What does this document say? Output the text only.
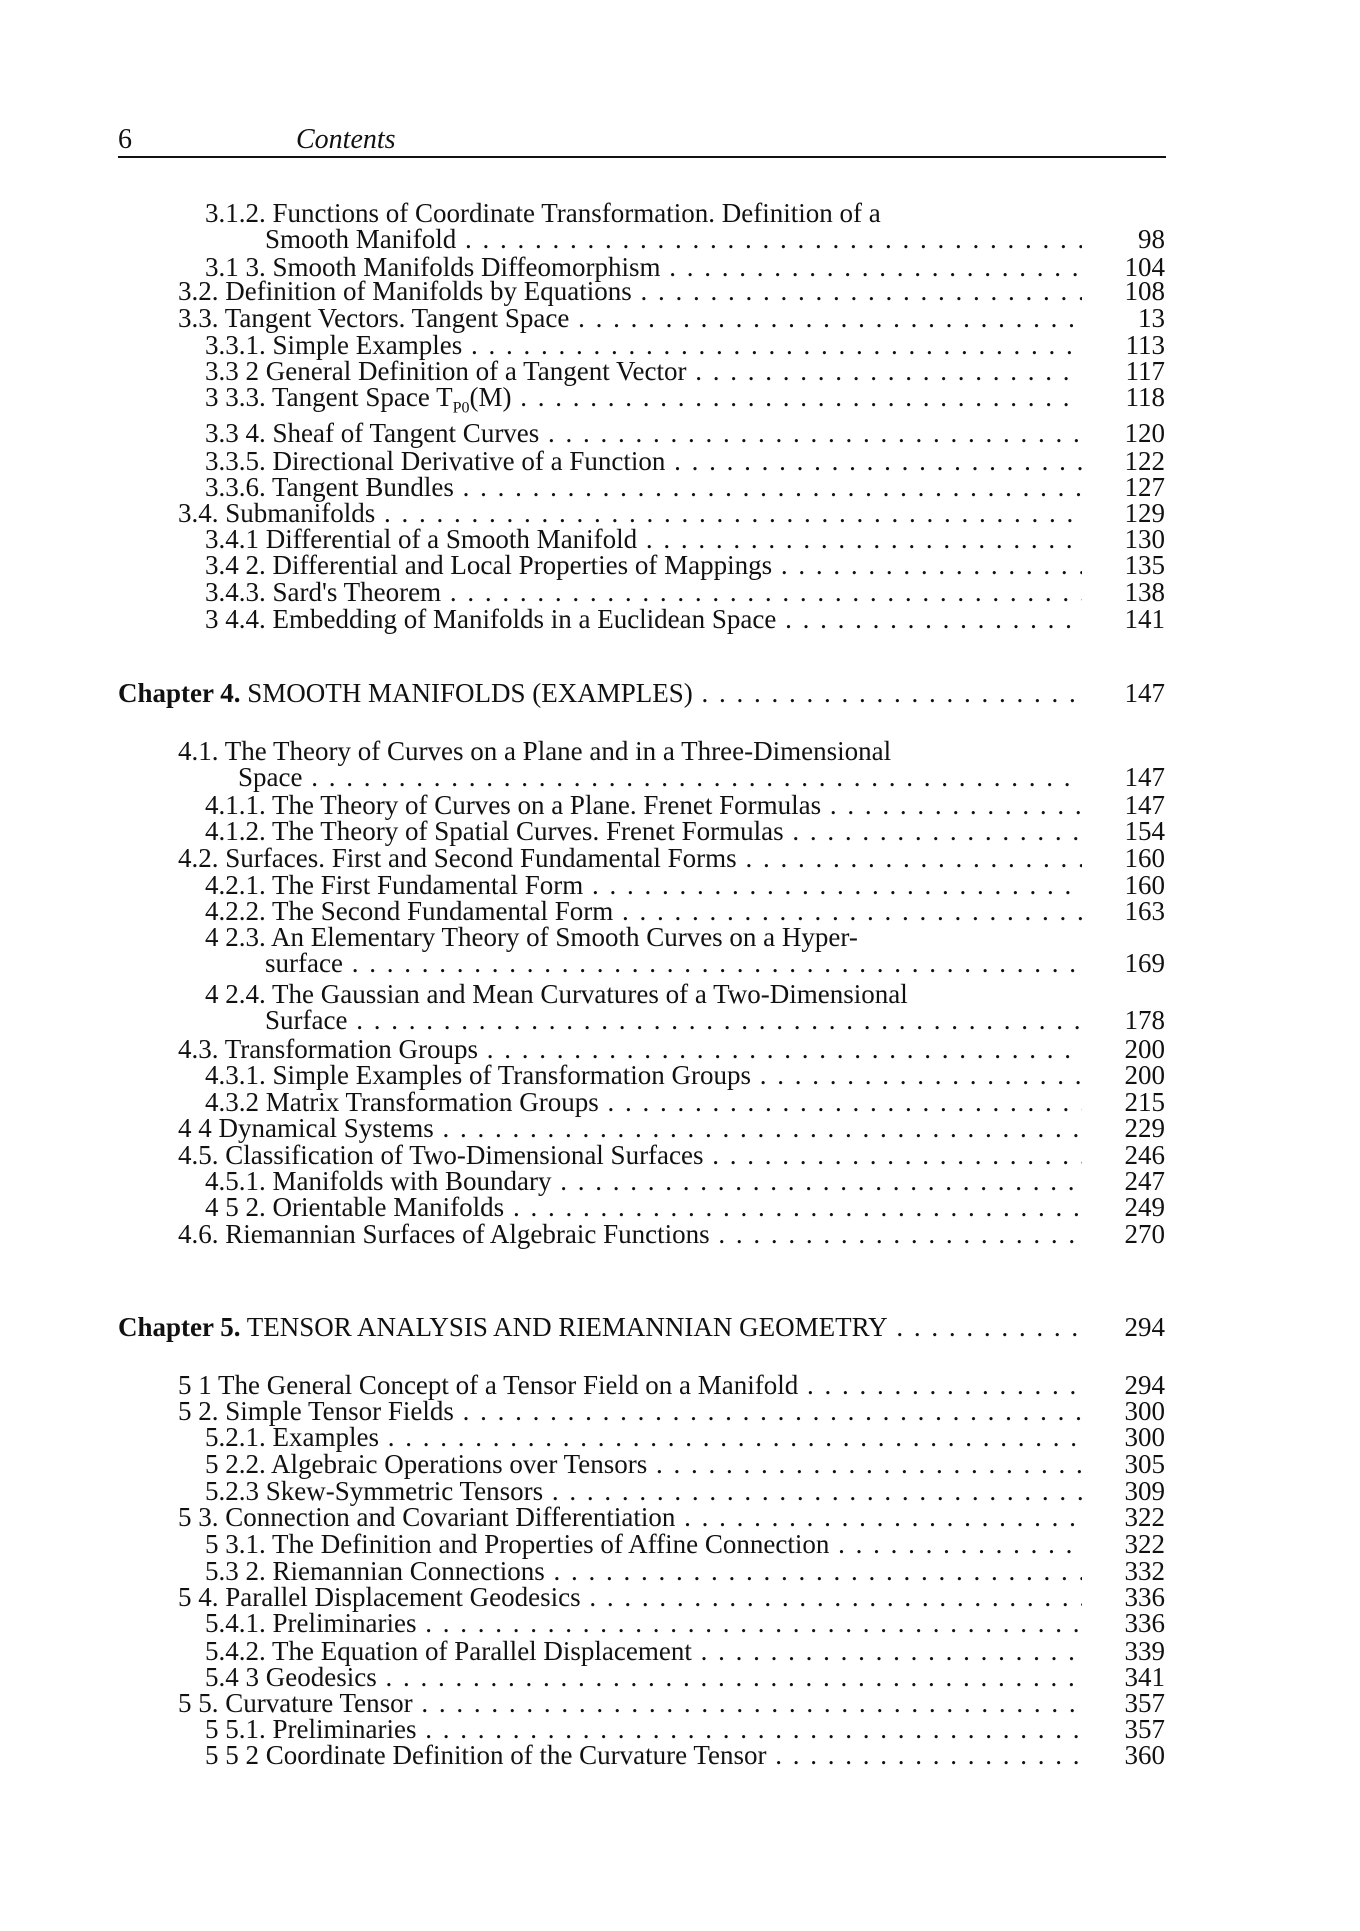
6	Contents
3.1.2. Functions of Coordinate Transformation. Definition of a
Smooth Manifold . . .	98
3.1 3. Smooth Manifolds Diffeomorphism . . .	104
3.2. Definition of Manifolds by Equations . . .	108
3.3. Tangent Vectors. Tangent Space . . .	13
3.3.1. Simple Examples . . .	113
3.3 2 General Definition of a Tangent Vector . . .	117
3 3.3. Tangent Space $T_{P0}(M)$ . . .	118
3.3 4. Sheaf of Tangent Curves . . .	120
3.3.5. Directional Derivative of a Function . . .	122
3.3.6. Tangent Bundles . . .	127
3.4. Submanifolds . . .	129
3.4.1 Differential of a Smooth Manifold . . .	130
3.4 2. Differential and Local Properties of Mappings . . .	135
3.4.3. Sard's Theorem . . .	138
3 4.4. Embedding of Manifolds in a Euclidean Space . . .	141
Chapter 4. SMOOTH MANIFOLDS (EXAMPLES) . . .	147
4.1. The Theory of Curves on a Plane and in a Three-Dimensional
Space . . .	147
4.1.1. The Theory of Curves on a Plane. Frenet Formulas . . .	147
4.1.2. The Theory of Spatial Curves. Frenet Formulas . . .	154
4.2. Surfaces. First and Second Fundamental Forms . . .	160
4.2.1. The First Fundamental Form . . .	160
4.2.2. The Second Fundamental Form . . .	163
4 2.3. An Elementary Theory of Smooth Curves on a Hyper-
surface . . .	169
4 2.4. The Gaussian and Mean Curvatures of a Two-Dimensional
Surface . . .	178
4.3. Transformation Groups . . .	200
4.3.1. Simple Examples of Transformation Groups . . .	200
4.3.2 Matrix Transformation Groups . . .	215
4 4 Dynamical Systems . . .	229
4.5. Classification of Two-Dimensional Surfaces . . .	246
4.5.1. Manifolds with Boundary . . .	247
4 5 2. Orientable Manifolds . . .	249
4.6. Riemannian Surfaces of Algebraic Functions . . .	270
Chapter 5. TENSOR ANALYSIS AND RIEMANNIAN GEOMETRY . . .	294
5 1 The General Concept of a Tensor Field on a Manifold . . .	294
5 2. Simple Tensor Fields . . .	300
5.2.1. Examples . . .	300
5 2.2. Algebraic Operations over Tensors . . .	305
5.2.3 Skew-Symmetric Tensors . . .	309
5 3. Connection and Covariant Differentiation . . .	322
5 3.1. The Definition and Properties of Affine Connection . . .	322
5.3 2. Riemannian Connections . . .	332
5 4. Parallel Displacement Geodesics . . .	336
5.4.1. Preliminaries . . .	336
5.4.2. The Equation of Parallel Displacement . . .	339
5.4 3 Geodesics . . .	341
5 5. Curvature Tensor . . .	357
5 5.1. Preliminaries . . .	357
5 5 2 Coordinate Definition of the Curvature Tensor . . .	360
